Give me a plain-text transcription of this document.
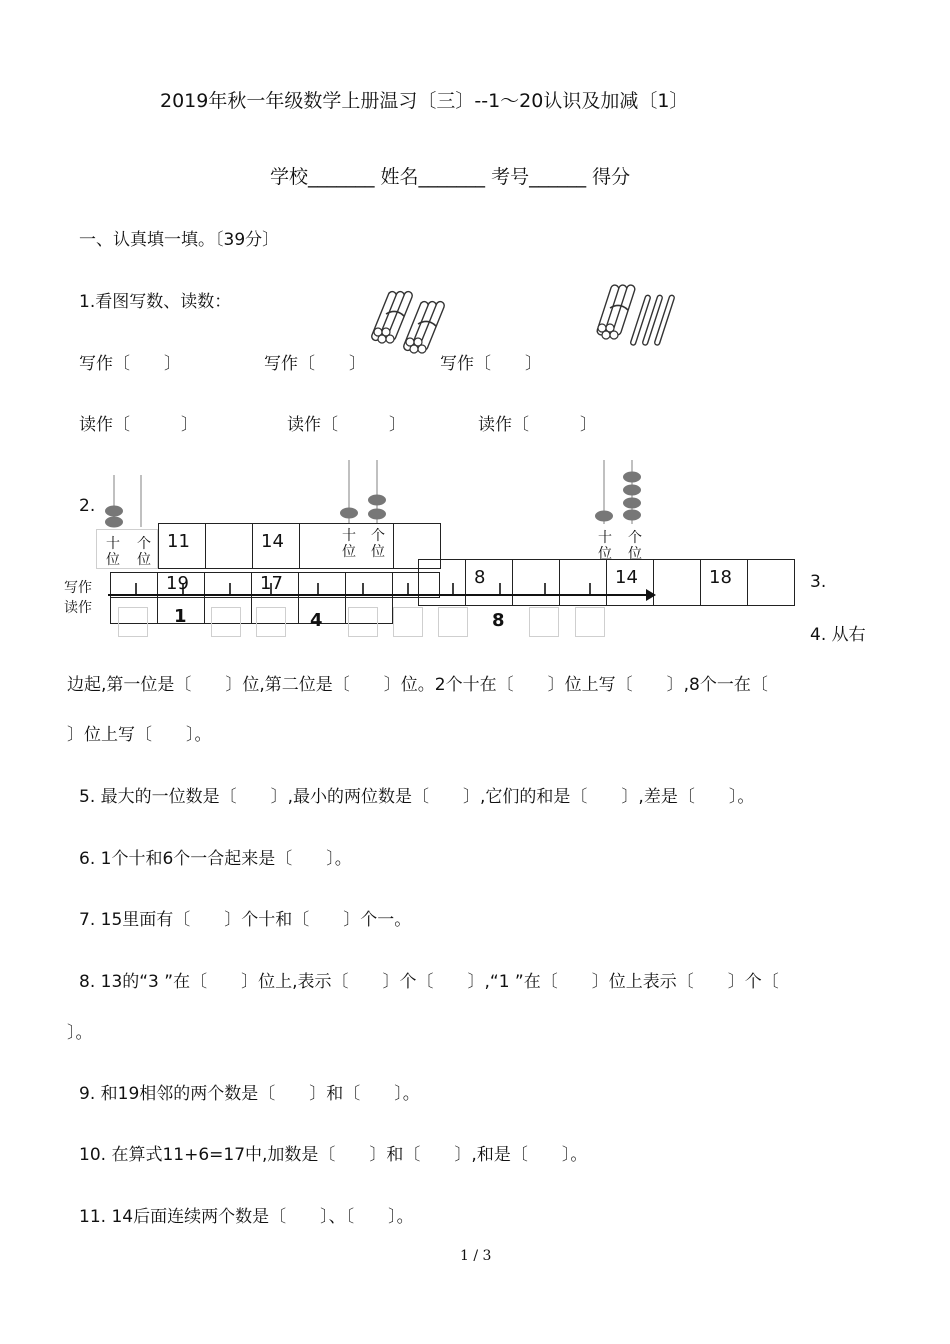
2019年秋一年级数学上册温习〔三〕--1～20认识及加减〔1〕
学校_______ 姓名_______ 考号______ 得分
一、认真填一填。〔39分〕
1.看图写数、读数：
写作〔　　〕	写作〔　　〕	写作〔　　〕
读作〔　　　〕	读作〔　　　〕	读作〔　　　〕
2.
十
位
个
位
十
位
个
位
十
位
个
位
11	14
写作
读作
19	17	8	14	18
1	4	8
3.
4. 从右
边起,第一位是〔　　〕位,第二位是〔　　〕位。2个十在〔　　〕位上写〔　　〕,8个一在〔
〕位上写〔　　〕。
5. 最大的一位数是〔　　〕,最小的两位数是〔　　〕,它们的和是〔　　〕,差是〔　　〕。
6. 1个十和6个一合起来是〔　　〕。
7. 15里面有〔　　〕个十和〔　　〕个一。
8. 13的“3 ”在〔　　〕位上,表示〔　　〕个〔　　〕,“1 ”在〔　　〕位上表示〔　　〕个〔
〕。
9. 和19相邻的两个数是〔　　〕和〔　　〕。
10. 在算式11+6=17中,加数是〔　　〕和〔　　〕,和是〔　　〕。
11. 14后面连续两个数是〔　　〕、〔　　〕。
1 / 3
